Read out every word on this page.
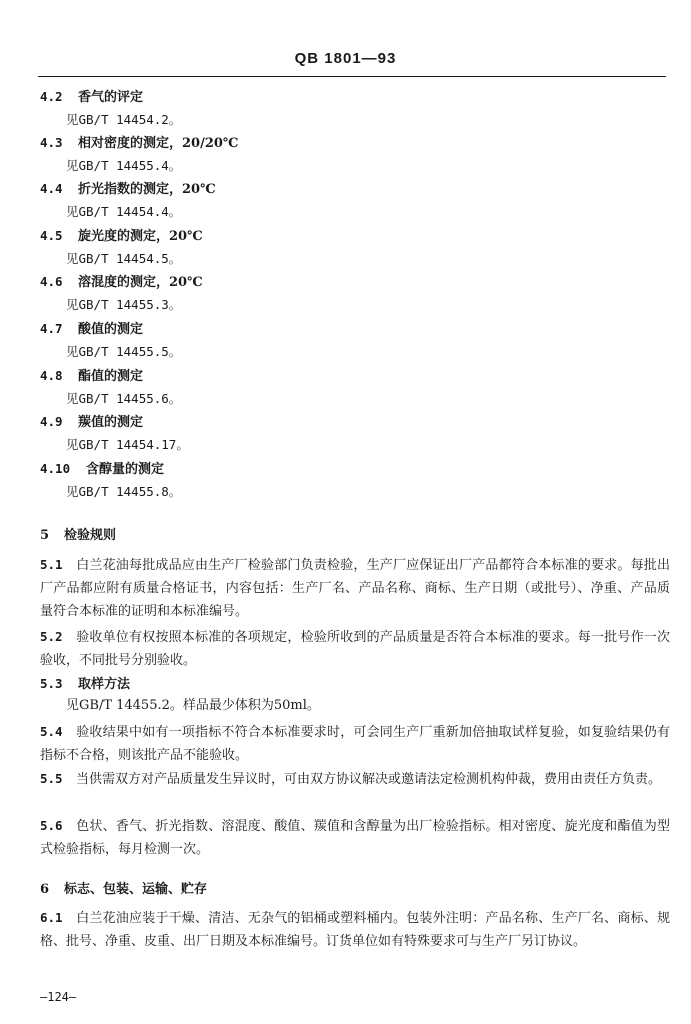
QB 1801—93
4.2 香气的评定
见GB/T 14454.2。
4.3 相对密度的测定，20/20℃
见GB/T 14455.4。
4.4 折光指数的测定，20℃
见GB/T 14454.4。
4.5 旋光度的测定，20℃
见GB/T 14454.5。
4.6 溶混度的测定，20℃
见GB/T 14455.3。
4.7 酸值的测定
见GB/T 14455.5。
4.8 酯值的测定
见GB/T 14455.6。
4.9 羰值的测定
见GB/T 14454.17。
4.10 含醇量的测定
见GB/T 14455.8。
5 检验规则
5.1 白兰花油每批成品应由生产厂检验部门负责检验，生产厂应保证出厂产品都符合本标准的要求。每批出厂产品都应附有质量合格证书，内容包括：生产厂名、产品名称、商标、生产日期（或批号）、净重、产品质量符合本标准的证明和本标准编号。
5.2 验收单位有权按照本标准的各项规定，检验所收到的产品质量是否符合本标准的要求。每一批号作一次验收，不同批号分别验收。
5.3 取样方法
见GB/T 14455.2。样品最少体积为50ml。
5.4 验收结果中如有一项指标不符合本标准要求时，可会同生产厂重新加倍抽取试样复验，如复验结果仍有指标不合格，则该批产品不能验收。
5.5 当供需双方对产品质量发生异议时，可由双方协议解决或邀请法定检测机构仲裁，费用由责任方负责。
5.6 色状、香气、折光指数、溶混度、酸值、羰值和含醇量为出厂检验指标。相对密度、旋光度和酯值为型式检验指标，每月检测一次。
6 标志、包装、运输、贮存
6.1 白兰花油应装于干燥、清洁、无杂气的铝桶或塑料桶内。包装外注明：产品名称、生产厂名、商标、规格、批号、净重、皮重、出厂日期及本标准编号。订货单位如有特殊要求可与生产厂另订协议。
—124—
